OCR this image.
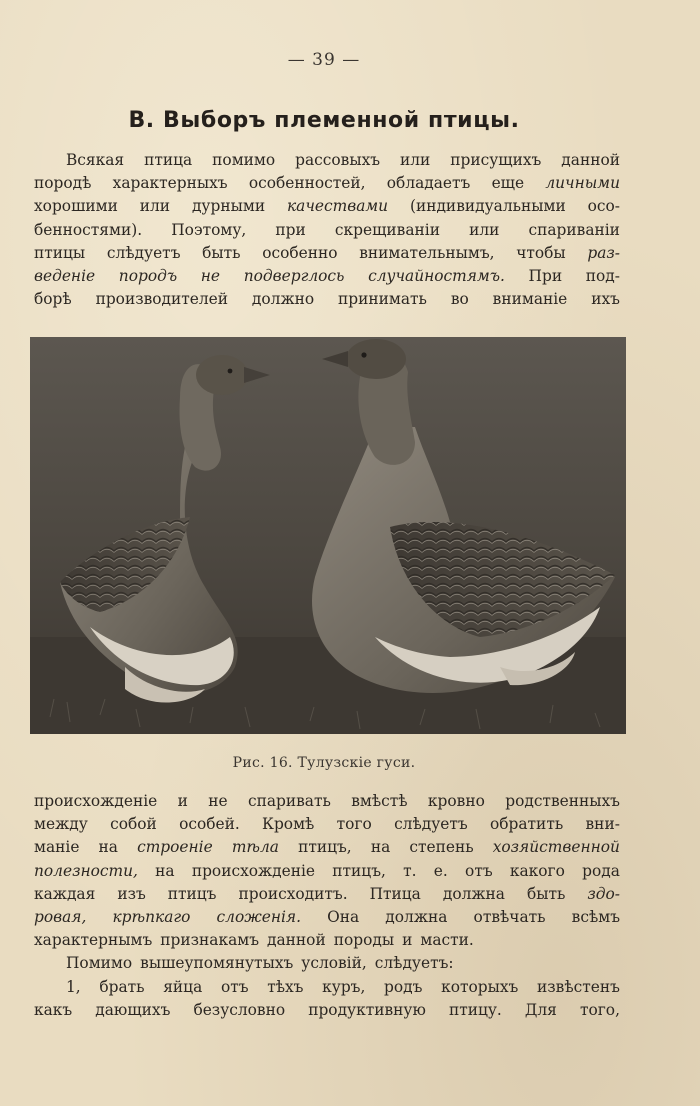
— 39 —
В. Выборъ племенной птицы.
Всякая птица помимо рассовыхъ или присущихъ данной
породѣ характерныхъ особенностей, обладаетъ еще личными
хорошими или дурными качествами (индивидуальными осо-
бенностями). Поэтому, при скрещиванiи или спариванiи
птицы слѣдуетъ быть особенно внимательнымъ, чтобы раз-
веденіе породъ не подверглось случайностямъ. При под-
борѣ производителей должно принимать во вниманіе ихъ
Рис. 16. Тулузскіе гуси.
происхожденіе и не спаривать вмѣстѣ кровно родственныхъ
между собой особей. Кромѣ того слѣдуетъ обратить вни-
маніе на строеніе тѣла птицъ, на степень хозяйственной
полезности, на происхожденіе птицъ, т. е. отъ какого рода
каждая изъ птицъ происходитъ. Птица должна быть здо-
ровая, крѣпкаго сложенія. Она должна отвѣчать всѣмъ
характернымъ признакамъ данной породы и масти.
Помимо вышеупомянутыхъ условій, слѣдуетъ:
1, брать яйца отъ тѣхъ куръ, родъ которыхъ извѣстенъ
какъ дающихъ безусловно продуктивную птицу. Для того,
